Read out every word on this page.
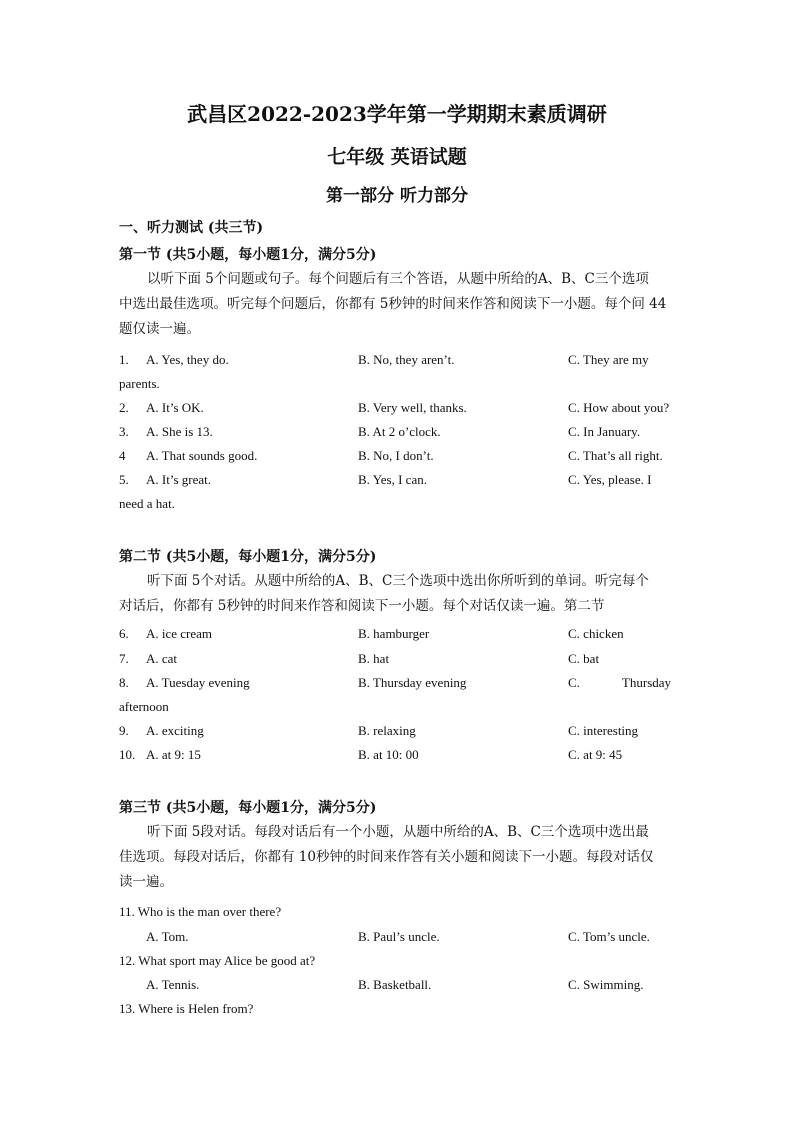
武昌区2022-2023学年第一学期期末素质调研
七年级 英语试题
第一部分 听力部分
一、听力测试 (共三节)
第一节 (共5小题，每小题1分，满分5分)

以听下面 5个问题或句子。每个问题后有三个答语，从题中所给的A、B、C三个选项

中选出最佳选项。听完每个问题后，你都有 5秒钟的时间来作答和阅读下一小题。每个问 44

题仅读一遍。

1. A. Yes, they do.	B. No, they aren’t.	C. They are my
parents.
2. A. It’s OK.	B. Very well, thanks.	C. How about you?
3. A. She is 13.	B. At 2 o’clock.	C. In January.
4 A. That sounds good.	B. No, I don’t.	C. That’s all right.
5. A. It’s great.	B. Yes, I can.	C. Yes, please. I
need a hat.
第二节 (共5小题，每小题1分，满分5分)

听下面 5个对话。从题中所给的A、B、C三个选项中选出你所听到的单词。听完每个

对话后，你都有 5秒钟的时间来作答和阅读下一小题。每个对话仅读一遍。第二节

6. A. ice cream	B. hamburger	C. chicken
7. A. cat	B. hat	C. bat
8. A. Tuesday evening	B. Thursday evening	C.             Thursday
afternoon
9. A. exciting	B. relaxing	C. interesting
10. A. at 9: 15	B. at 10: 00	C. at 9: 45
第三节 (共5小题，每小题1分，满分5分)

听下面 5段对话。每段对话后有一个小题，从题中所给的A、B、C三个选项中选出最

佳选项。每段对话后，你都有 10秒钟的时间来作答有关小题和阅读下一小题。每段对话仅

读一遍。

11. Who is the man over there?
A. Tom.	B. Paul’s uncle.	C. Tom’s uncle.
12. What sport may Alice be good at?
A. Tennis.	B. Basketball.	C. Swimming.
13. Where is Helen from?
